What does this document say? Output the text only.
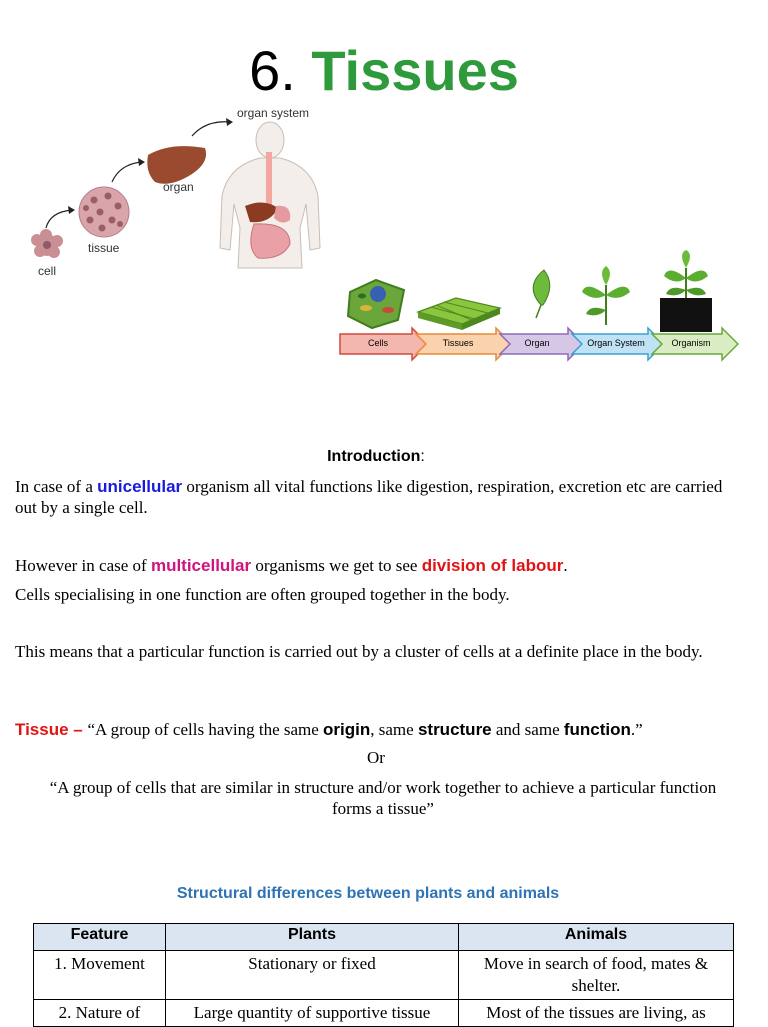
6. Tissues
cell
tissue
organ
organ system
Cells	Tissues	Organ	Organ System	Organism
Introduction:
In case of a unicellular organism all vital functions like digestion, respiration, excretion etc are carried out by a single cell.
However in case of multicellular organisms we get to see division of labour.
Cells specialising in one function are often grouped together in the body.
This means that a particular function is carried out by a cluster of cells at a definite place in the body.
Tissue – “A group of cells having the same origin, same structure and same function.”
Or
“A group of cells that are similar in structure and/or work together to achieve a particular function forms a tissue”
Structural differences between plants and animals
Feature	Plants	Animals
1. Movement	Stationary or fixed	Move in search of food, mates & shelter.
2. Nature of	Large quantity of supportive tissue	Most of the tissues are living, as
